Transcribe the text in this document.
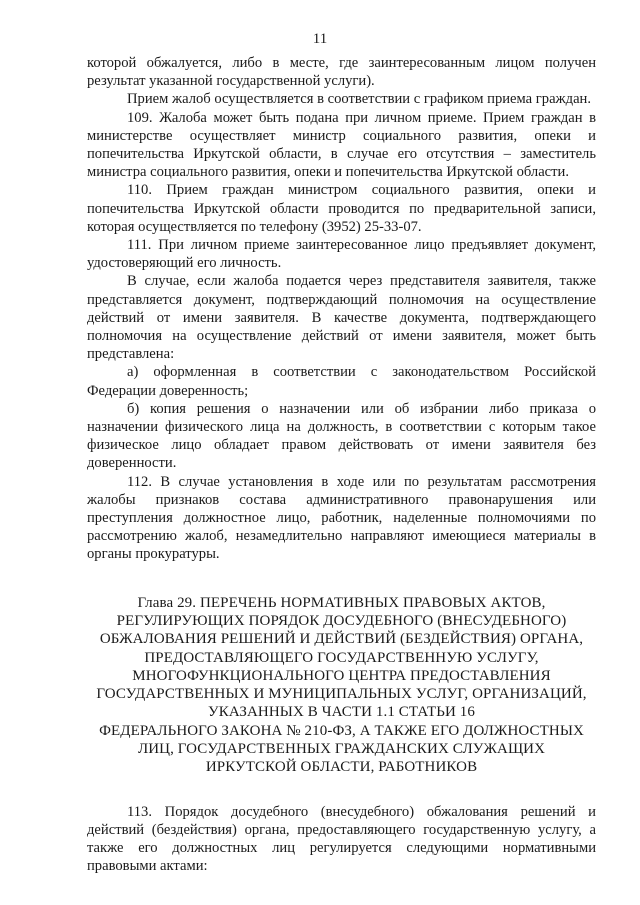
11

которой обжалуется, либо в месте, где заинтересованным лицом получен результат указанной государственной услуги).

Прием жалоб осуществляется в соответствии с графиком приема граждан.

109. Жалоба может быть подана при личном приеме. Прием граждан в министерстве осуществляет министр социального развития, опеки и попечительства Иркутской области, в случае его отсутствия – заместитель министра социального развития, опеки и попечительства Иркутской области.

110. Прием граждан министром социального развития, опеки и попечительства Иркутской области проводится по предварительной записи, которая осуществляется по телефону (3952) 25-33-07.

111. При личном приеме заинтересованное лицо предъявляет документ, удостоверяющий его личность.

В случае, если жалоба подается через представителя заявителя, также представляется документ, подтверждающий полномочия на осуществление действий от имени заявителя. В качестве документа, подтверждающего полномочия на осуществление действий от имени заявителя, может быть представлена:

а) оформленная в соответствии с законодательством Российской Федерации доверенность;

б) копия решения о назначении или об избрании либо приказа о назначении физического лица на должность, в соответствии с которым такое физическое лицо обладает правом действовать от имени заявителя без доверенности.

112. В случае установления в ходе или по результатам рассмотрения жалобы признаков состава административного правонарушения или преступления должностное лицо, работник, наделенные полномочиями по рассмотрению жалоб, незамедлительно направляют имеющиеся материалы в органы прокуратуры.

Глава 29. ПЕРЕЧЕНЬ НОРМАТИВНЫХ ПРАВОВЫХ АКТОВ,
РЕГУЛИРУЮЩИХ ПОРЯДОК ДОСУДЕБНОГО (ВНЕСУДЕБНОГО)
ОБЖАЛОВАНИЯ РЕШЕНИЙ И ДЕЙСТВИЙ (БЕЗДЕЙСТВИЯ) ОРГАНА,
ПРЕДОСТАВЛЯЮЩЕГО ГОСУДАРСТВЕННУЮ УСЛУГУ,
МНОГОФУНКЦИОНАЛЬНОГО ЦЕНТРА ПРЕДОСТАВЛЕНИЯ
ГОСУДАРСТВЕННЫХ И МУНИЦИПАЛЬНЫХ УСЛУГ, ОРГАНИЗАЦИЙ,
УКАЗАННЫХ В ЧАСТИ 1.1 СТАТЬИ 16
ФЕДЕРАЛЬНОГО ЗАКОНА № 210-ФЗ, А ТАКЖЕ ЕГО ДОЛЖНОСТНЫХ
ЛИЦ, ГОСУДАРСТВЕННЫХ ГРАЖДАНСКИХ СЛУЖАЩИХ
ИРКУТСКОЙ ОБЛАСТИ, РАБОТНИКОВ

113. Порядок досудебного (внесудебного) обжалования решений и действий (бездействия) органа, предоставляющего государственную услугу, а также его должностных лиц регулируется следующими нормативными правовыми актами:
